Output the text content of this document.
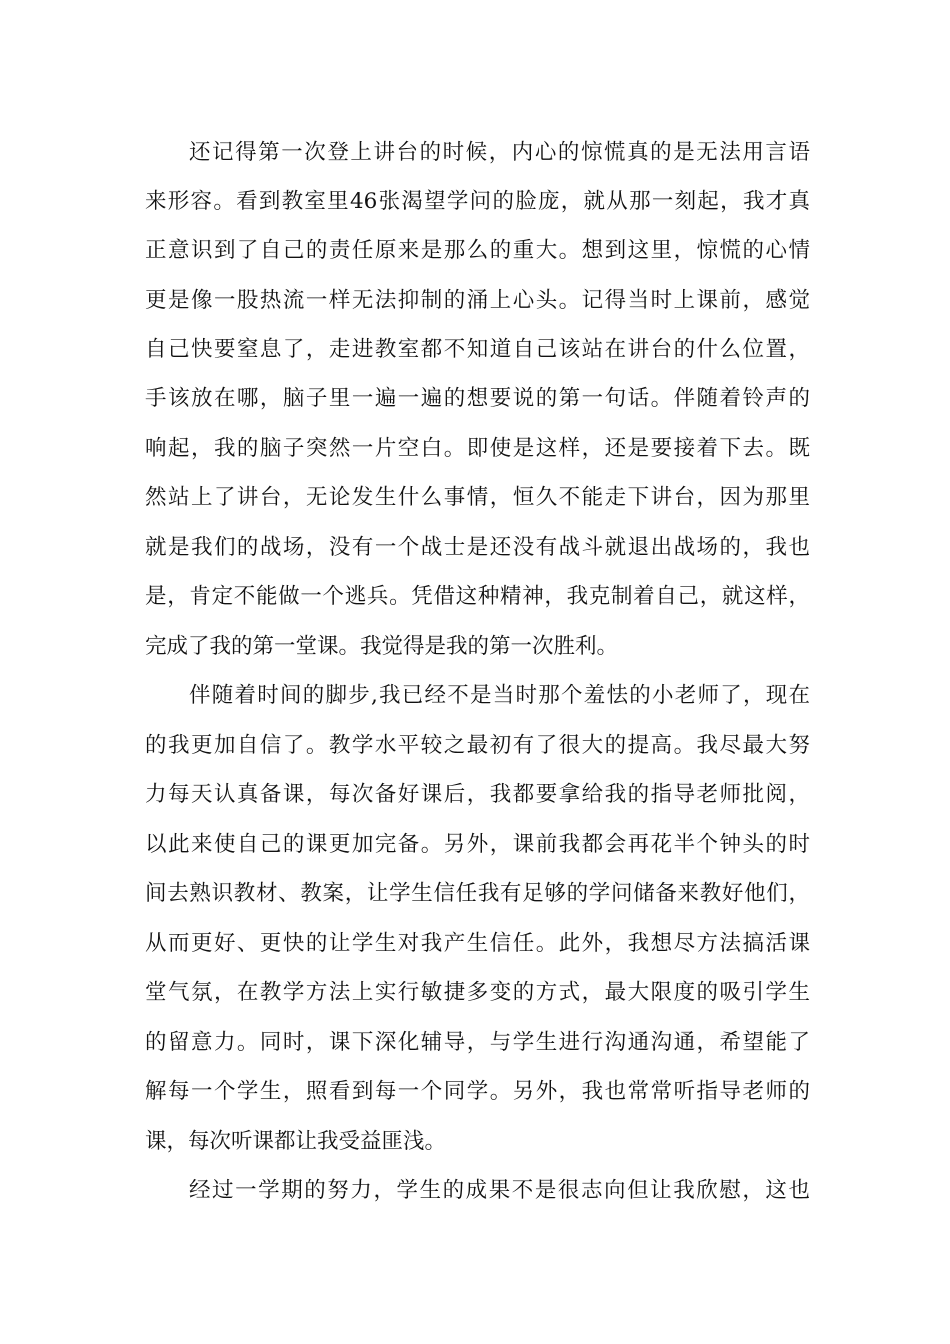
还记得第一次登上讲台的时候，内心的惊慌真的是无法用言语
来形容。看到教室里46张渴望学问的脸庞，就从那一刻起，我才真
正意识到了自己的责任原来是那么的重大。想到这里，惊慌的心情
更是像一股热流一样无法抑制的涌上心头。记得当时上课前，感觉
自己快要窒息了，走进教室都不知道自己该站在讲台的什么位置，
手该放在哪，脑子里一遍一遍的想要说的第一句话。伴随着铃声的
响起，我的脑子突然一片空白。即使是这样，还是要接着下去。既
然站上了讲台，无论发生什么事情，恒久不能走下讲台，因为那里
就是我们的战场，没有一个战士是还没有战斗就退出战场的，我也
是，肯定不能做一个逃兵。凭借这种精神，我克制着自己，就这样，
完成了我的第一堂课。我觉得是我的第一次胜利。
伴随着时间的脚步,我已经不是当时那个羞怯的小老师了，现在
的我更加自信了。教学水平较之最初有了很大的提高。我尽最大努
力每天认真备课，每次备好课后，我都要拿给我的指导老师批阅，
以此来使自己的课更加完备。另外，课前我都会再花半个钟头的时
间去熟识教材、教案，让学生信任我有足够的学问储备来教好他们，
从而更好、更快的让学生对我产生信任。此外，我想尽方法搞活课
堂气氛，在教学方法上实行敏捷多变的方式，最大限度的吸引学生
的留意力。同时，课下深化辅导，与学生进行沟通沟通，希望能了
解每一个学生，照看到每一个同学。另外，我也常常听指导老师的
课，每次听课都让我受益匪浅。
经过一学期的努力，学生的成果不是很志向但让我欣慰，这也
